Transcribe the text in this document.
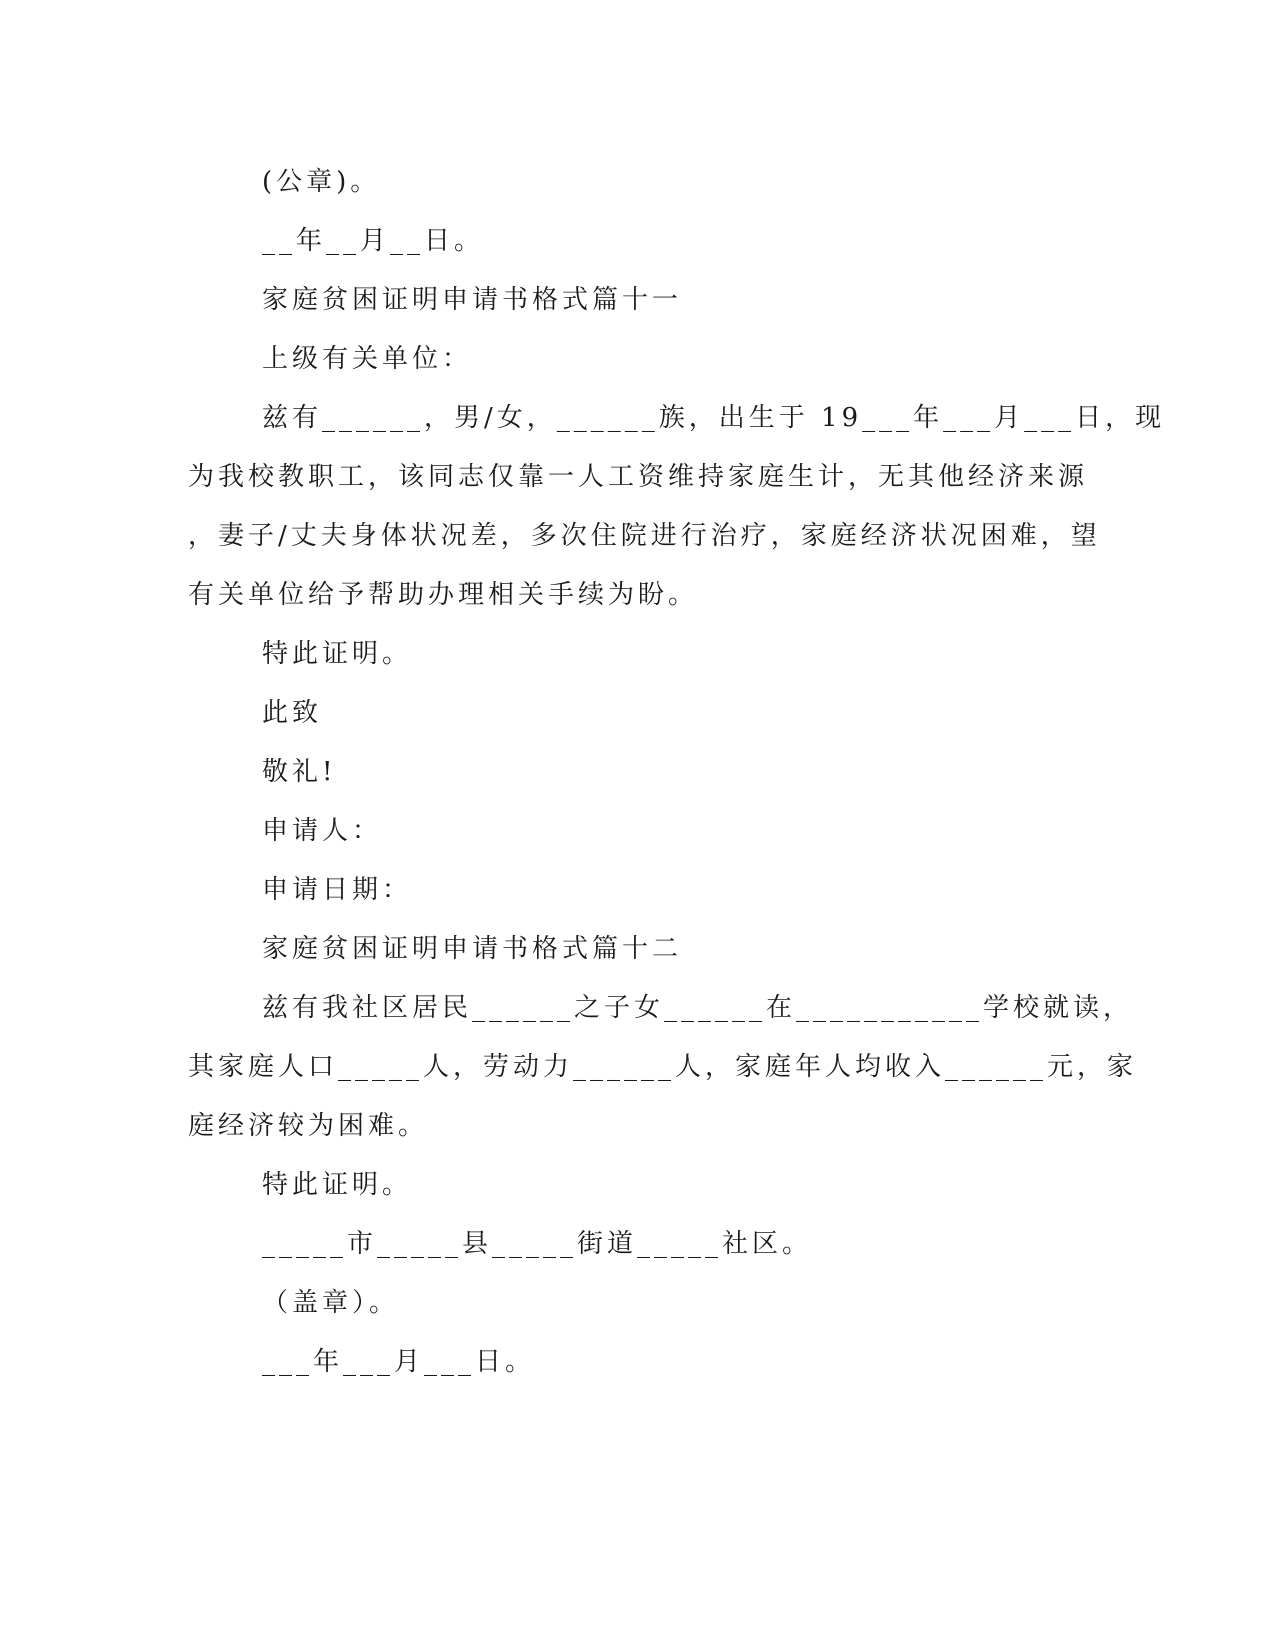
(公章)。
__年__月__日。
家庭贫困证明申请书格式篇十一
上级有关单位：
兹有______，男/女，______族，出生于 19___年___月___日，现
为我校教职工，该同志仅靠一人工资维持家庭生计，无其他经济来源
，妻子/丈夫身体状况差，多次住院进行治疗，家庭经济状况困难，望
有关单位给予帮助办理相关手续为盼。
特此证明。
此致
敬礼!
申请人：
申请日期：
家庭贫困证明申请书格式篇十二
兹有我社区居民______之子女______在___________学校就读，
其家庭人口_____人，劳动力______人，家庭年人均收入______元，家
庭经济较为困难。
特此证明。
_____市_____县_____街道_____社区。
（盖章）。
___年___月___日。
